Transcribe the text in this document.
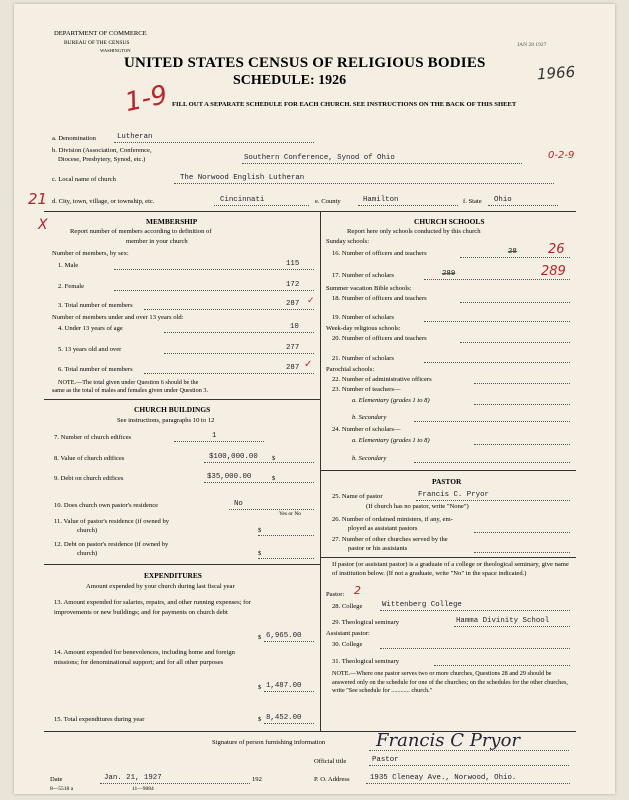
DEPARTMENT OF COMMERCE
BUREAU OF THE CENSUS
WASHINGTON
JAN 28 1927
1966
UNITED STATES CENSUS OF RELIGIOUS BODIES
SCHEDULE: 1926
1-9 FILL OUT A SEPARATE SCHEDULE FOR EACH CHURCH. SEE INSTRUCTIONS ON THE BACK OF THIS SHEET
a. Denomination	Lutheran
b. Division (Association, Conference,
Diocese, Presbytery, Synod, etc.)	Southern Conference, Synod of Ohio	0-2-9
c. Local name of church	The Norwood English Lutheran
21 d. City, town, village, or township, etc.	Cincinnati	e. County	Hamilton	f. State Ohio
X	MEMBERSHIP
Report number of members according to definition of
member in your church
Number of members, by sex:
1. Male	115
2. Female	172
3. Total number of members	287 ✓
Number of members under and over 13 years old:
4. Under 13 years of age	10
5. 13 years old and over	277
6. Total number of members	287 ✓
NOTE.—The total given under Question 6 should be the
same as the total of males and females given under Question 3.
CHURCH BUILDINGS
See instructions, paragraphs 10 to 12
7. Number of church edifices	1
8. Value of church edifices	$100,000.00 $
9. Debt on church edifices	$35,000.00	$
10. Does church own pastor's residence	No
Yes or No
11. Value of pastor's residence (if owned by
church)	$
12. Debt on pastor's residence (if owned by
church)	$
EXPENDITURES
Amount expended by your church during last fiscal year
13. Amount expended for salaries, repairs, and other running expenses; for improvements or new buildings; and for payments on church debt
$ 6,965.00
14. Amount expended for benevolences, including home and foreign missions; for denominational support; and for all other purposes
$ 1,487.00
15. Total expenditures during year	$ 8,452.00
CHURCH SCHOOLS
Report here only schools conducted by this church
Sunday schools:
16. Number of officers and teachers	28 26
17. Number of scholars	289	289
Summer vacation Bible schools:
18. Number of officers and teachers
19. Number of scholars
Week-day religious schools:
20. Number of officers and teachers
21. Number of scholars
Parochial schools:
22. Number of administrative officers
23. Number of teachers—
a. Elementary (grades 1 to 8)
b. Secondary
24. Number of scholars—
a. Elementary (grades 1 to 8)
b. Secondary
PASTOR
25. Name of pastor	Francis C. Pryor
(If church has no pastor, write "None")
26. Number of ordained ministers, if any, em-
ployed as assistant pastors
27. Number of other churches served by the
pastor or his assistants
If pastor (or assistant pastor) is a graduate of a college or theological seminary, give name of institution below. (If not a graduate, write "No" in the space indicated.)
Pastor: 2
28. College	Wittenberg College
29. Theological seminary	Hamma Divinity School
Assistant pastor:
30. College
31. Theological seminary
NOTE.—Where one pastor serves two or more churches, Questions 28 and 29 should be answered only on the schedule for one of the churches; on the schedules for the other churches, write "See schedule for ............ church."
Signature of person furnishing information	Francis C Pryor
Official title	Pastor
Date	Jan. 21, 1927	192
8—5518 a	11—9084
P. O. Address	1935 Cleneay Ave., Norwood, Ohio.
